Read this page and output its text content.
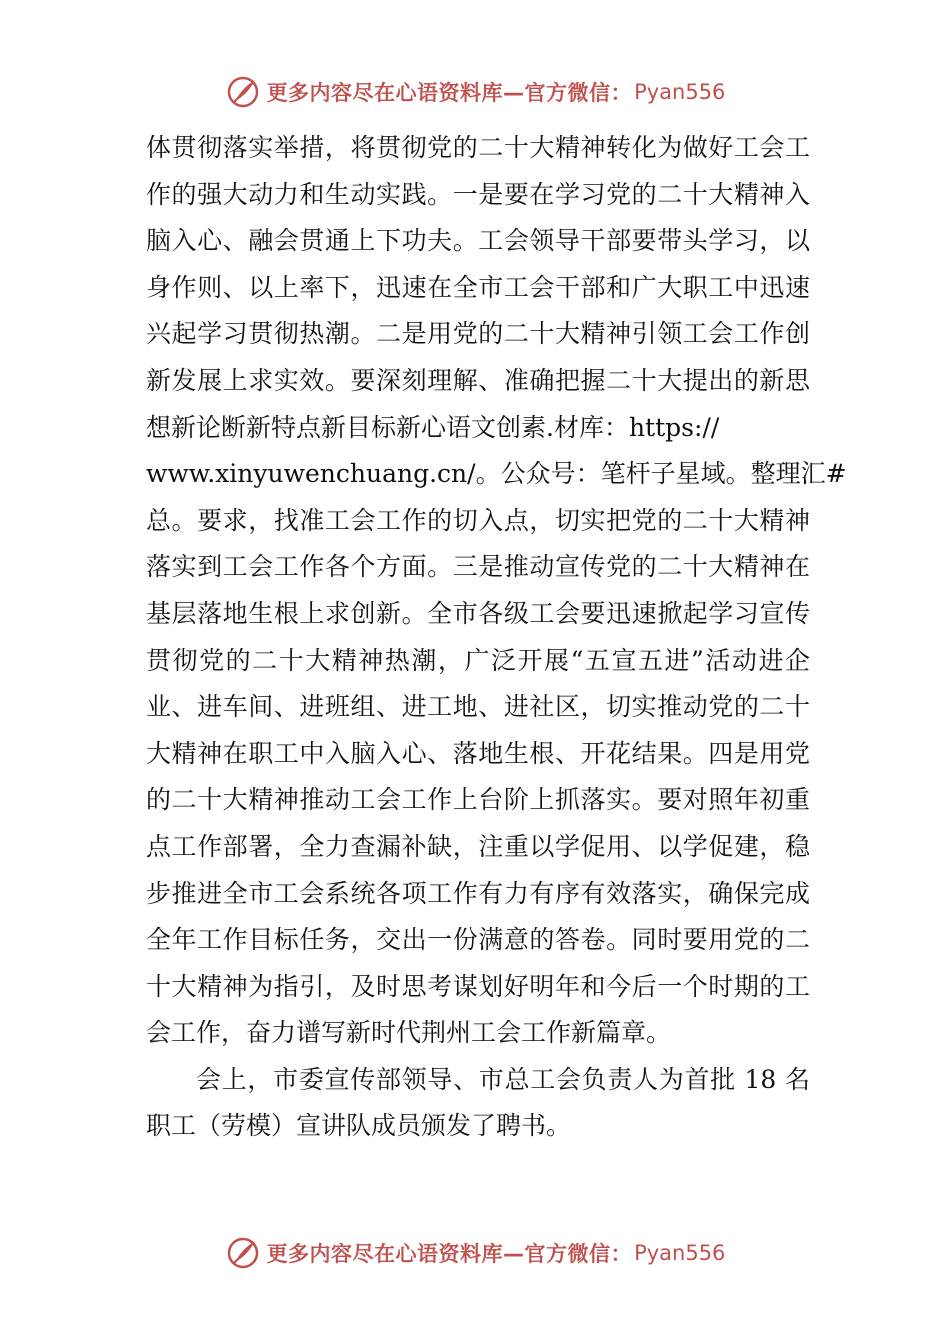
更多内容尽在心语资料库—官方微信： Pyan556
体贯彻落实举措，将贯彻党的二十大精神转化为做好工会工
作的强大动力和生动实践。一是要在学习党的二十大精神入
脑入心、融会贯通上下功夫。工会领导干部要带头学习，以
身作则、以上率下，迅速在全市工会干部和广大职工中迅速
兴起学习贯彻热潮。二是用党的二十大精神引领工会工作创
新发展上求实效。要深刻理解、准确把握二十大提出的新思
想新论断新特点新目标新心语文创素.材库：https://
www.xinyuwenchuang.cn/。公众号：笔杆子星域。整理汇#
总。要求，找准工会工作的切入点，切实把党的二十大精神
落实到工会工作各个方面。三是推动宣传党的二十大精神在
基层落地生根上求创新。全市各级工会要迅速掀起学习宣传
贯彻党的二十大精神热潮，广泛开展“五宣五进”活动进企
业、进车间、进班组、进工地、进社区，切实推动党的二十
大精神在职工中入脑入心、落地生根、开花结果。四是用党
的二十大精神推动工会工作上台阶上抓落实。要对照年初重
点工作部署，全力查漏补缺，注重以学促用、以学促建，稳
步推进全市工会系统各项工作有力有序有效落实，确保完成
全年工作目标任务，交出一份满意的答卷。同时要用党的二
十大精神为指引，及时思考谋划好明年和今后一个时期的工
会工作，奋力谱写新时代荆州工会工作新篇章。
会上，市委宣传部领导、市总工会负责人为首批 18 名
职工（劳模）宣讲队成员颁发了聘书。
更多内容尽在心语资料库—官方微信： Pyan556
